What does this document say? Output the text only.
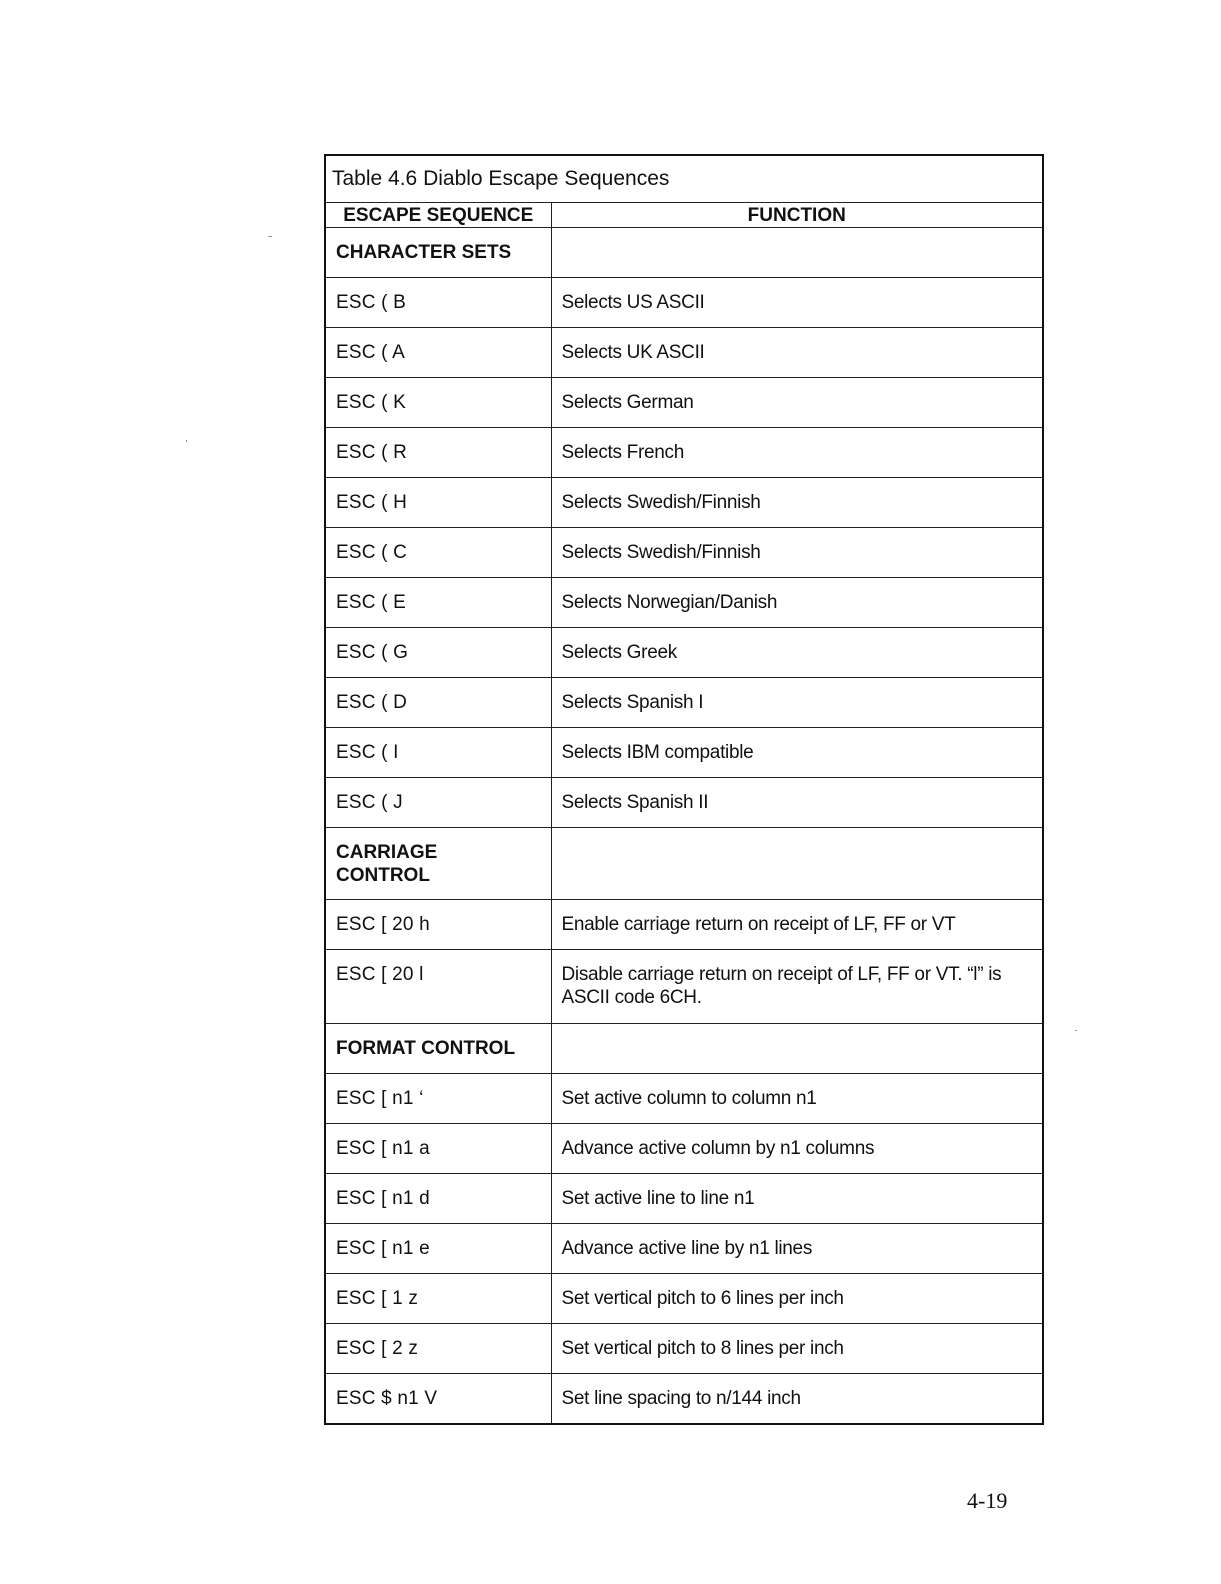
Table 4.6 Diablo Escape Sequences	
ESCAPE SEQUENCE	FUNCTION
CHARACTER SETS	
ESC ( B	Selects US ASCII
ESC ( A	Selects UK ASCII
ESC ( K	Selects German
ESC ( R	Selects French
ESC ( H	Selects Swedish/Finnish
ESC ( C	Selects Swedish/Finnish
ESC ( E	Selects Norwegian/Danish
ESC ( G	Selects Greek
ESC ( D	Selects Spanish I
ESC ( I	Selects IBM compatible
ESC ( J	Selects Spanish II
CARRIAGE
CONTROL	
ESC [ 20 h	Enable carriage return on receipt of LF, FF or VT
ESC [ 20 l	Disable carriage return on receipt of LF, FF or VT. “l” is ASCII code 6CH.
FORMAT CONTROL	
ESC [ n1 ‘	Set active column to column n1
ESC [ n1 a	Advance active column by n1 columns
ESC [ n1 d	Set active line to line n1
ESC [ n1 e	Advance active line by n1 lines
ESC [ 1 z	Set vertical pitch to 6 lines per inch
ESC [ 2 z	Set vertical pitch to 8 lines per inch
ESC $ n1 V	Set line spacing to n/144 inch
4-19
